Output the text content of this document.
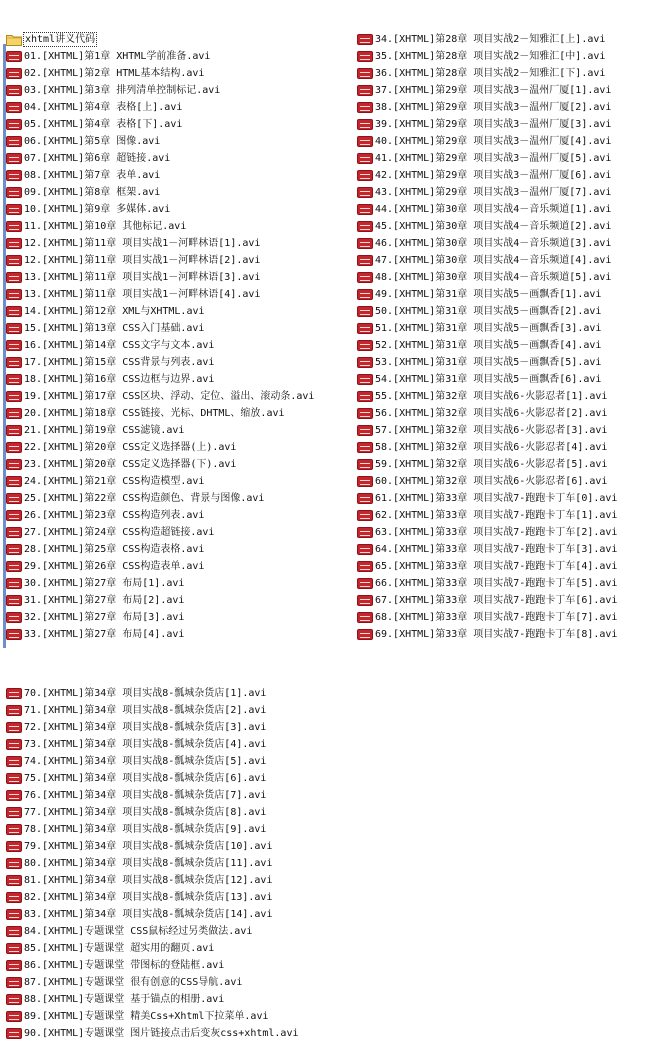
xhtml讲义代码
01.[XHTML]第1章 XHTML学前准备.avi
02.[XHTML]第2章 HTML基本结构.avi
03.[XHTML]第3章 排列清单控制标记.avi
04.[XHTML]第4章 表格[上].avi
05.[XHTML]第4章 表格[下].avi
06.[XHTML]第5章 图像.avi
07.[XHTML]第6章 超链接.avi
08.[XHTML]第7章 表单.avi
09.[XHTML]第8章 框架.avi
10.[XHTML]第9章 多媒体.avi
11.[XHTML]第10章 其他标记.avi
12.[XHTML]第11章 项目实战1－河畔林语[1].avi
12.[XHTML]第11章 项目实战1－河畔林语[2].avi
13.[XHTML]第11章 项目实战1－河畔林语[3].avi
13.[XHTML]第11章 项目实战1－河畔林语[4].avi
14.[XHTML]第12章 XML与XHTML.avi
15.[XHTML]第13章 CSS入门基础.avi
16.[XHTML]第14章 CSS文字与文本.avi
17.[XHTML]第15章 CSS背景与列表.avi
18.[XHTML]第16章 CSS边框与边界.avi
19.[XHTML]第17章 CSS区块、浮动、定位、溢出、滚动条.avi
20.[XHTML]第18章 CSS链接、光标、DHTML、缩放.avi
21.[XHTML]第19章 CSS滤镜.avi
22.[XHTML]第20章 CSS定义选择器(上).avi
23.[XHTML]第20章 CSS定义选择器(下).avi
24.[XHTML]第21章 CSS构造模型.avi
25.[XHTML]第22章 CSS构造颜色、背景与图像.avi
26.[XHTML]第23章 CSS构造列表.avi
27.[XHTML]第24章 CSS构造超链接.avi
28.[XHTML]第25章 CSS构造表格.avi
29.[XHTML]第26章 CSS构造表单.avi
30.[XHTML]第27章 布局[1].avi
31.[XHTML]第27章 布局[2].avi
32.[XHTML]第27章 布局[3].avi
33.[XHTML]第27章 布局[4].avi
34.[XHTML]第28章 项目实战2－知雅汇[上].avi
35.[XHTML]第28章 项目实战2－知雅汇[中].avi
36.[XHTML]第28章 项目实战2－知雅汇[下].avi
37.[XHTML]第29章 项目实战3－温州厂厦[1].avi
38.[XHTML]第29章 项目实战3－温州厂厦[2].avi
39.[XHTML]第29章 项目实战3－温州厂厦[3].avi
40.[XHTML]第29章 项目实战3－温州厂厦[4].avi
41.[XHTML]第29章 项目实战3－温州厂厦[5].avi
42.[XHTML]第29章 项目实战3－温州厂厦[6].avi
43.[XHTML]第29章 项目实战3－温州厂厦[7].avi
44.[XHTML]第30章 项目实战4－音乐频道[1].avi
45.[XHTML]第30章 项目实战4－音乐频道[2].avi
46.[XHTML]第30章 项目实战4－音乐频道[3].avi
47.[XHTML]第30章 项目实战4－音乐频道[4].avi
48.[XHTML]第30章 项目实战4－音乐频道[5].avi
49.[XHTML]第31章 项目实战5－画飘香[1].avi
50.[XHTML]第31章 项目实战5－画飘香[2].avi
51.[XHTML]第31章 项目实战5－画飘香[3].avi
52.[XHTML]第31章 项目实战5－画飘香[4].avi
53.[XHTML]第31章 项目实战5－画飘香[5].avi
54.[XHTML]第31章 项目实战5－画飘香[6].avi
55.[XHTML]第32章 项目实战6-火影忍者[1].avi
56.[XHTML]第32章 项目实战6-火影忍者[2].avi
57.[XHTML]第32章 项目实战6-火影忍者[3].avi
58.[XHTML]第32章 项目实战6-火影忍者[4].avi
59.[XHTML]第32章 项目实战6-火影忍者[5].avi
60.[XHTML]第32章 项目实战6-火影忍者[6].avi
61.[XHTML]第33章 项目实战7-跑跑卡丁车[0].avi
62.[XHTML]第33章 项目实战7-跑跑卡丁车[1].avi
63.[XHTML]第33章 项目实战7-跑跑卡丁车[2].avi
64.[XHTML]第33章 项目实战7-跑跑卡丁车[3].avi
65.[XHTML]第33章 项目实战7-跑跑卡丁车[4].avi
66.[XHTML]第33章 项目实战7-跑跑卡丁车[5].avi
67.[XHTML]第33章 项目实战7-跑跑卡丁车[6].avi
68.[XHTML]第33章 项目实战7-跑跑卡丁车[7].avi
69.[XHTML]第33章 项目实战7-跑跑卡丁车[8].avi
70.[XHTML]第34章 项目实战8-瓢城杂货店[1].avi
71.[XHTML]第34章 项目实战8-瓢城杂货店[2].avi
72.[XHTML]第34章 项目实战8-瓢城杂货店[3].avi
73.[XHTML]第34章 项目实战8-瓢城杂货店[4].avi
74.[XHTML]第34章 项目实战8-瓢城杂货店[5].avi
75.[XHTML]第34章 项目实战8-瓢城杂货店[6].avi
76.[XHTML]第34章 项目实战8-瓢城杂货店[7].avi
77.[XHTML]第34章 项目实战8-瓢城杂货店[8].avi
78.[XHTML]第34章 项目实战8-瓢城杂货店[9].avi
79.[XHTML]第34章 项目实战8-瓢城杂货店[10].avi
80.[XHTML]第34章 项目实战8-瓢城杂货店[11].avi
81.[XHTML]第34章 项目实战8-瓢城杂货店[12].avi
82.[XHTML]第34章 项目实战8-瓢城杂货店[13].avi
83.[XHTML]第34章 项目实战8-瓢城杂货店[14].avi
84.[XHTML]专题课堂 CSS鼠标经过另类做法.avi
85.[XHTML]专题课堂 超实用的翻页.avi
86.[XHTML]专题课堂 带图标的登陆框.avi
87.[XHTML]专题课堂 很有创意的CSS导航.avi
88.[XHTML]专题课堂 基于锚点的相册.avi
89.[XHTML]专题课堂 精美Css+Xhtml下拉菜单.avi
90.[XHTML]专题课堂 图片链接点击后变灰css+xhtml.avi
